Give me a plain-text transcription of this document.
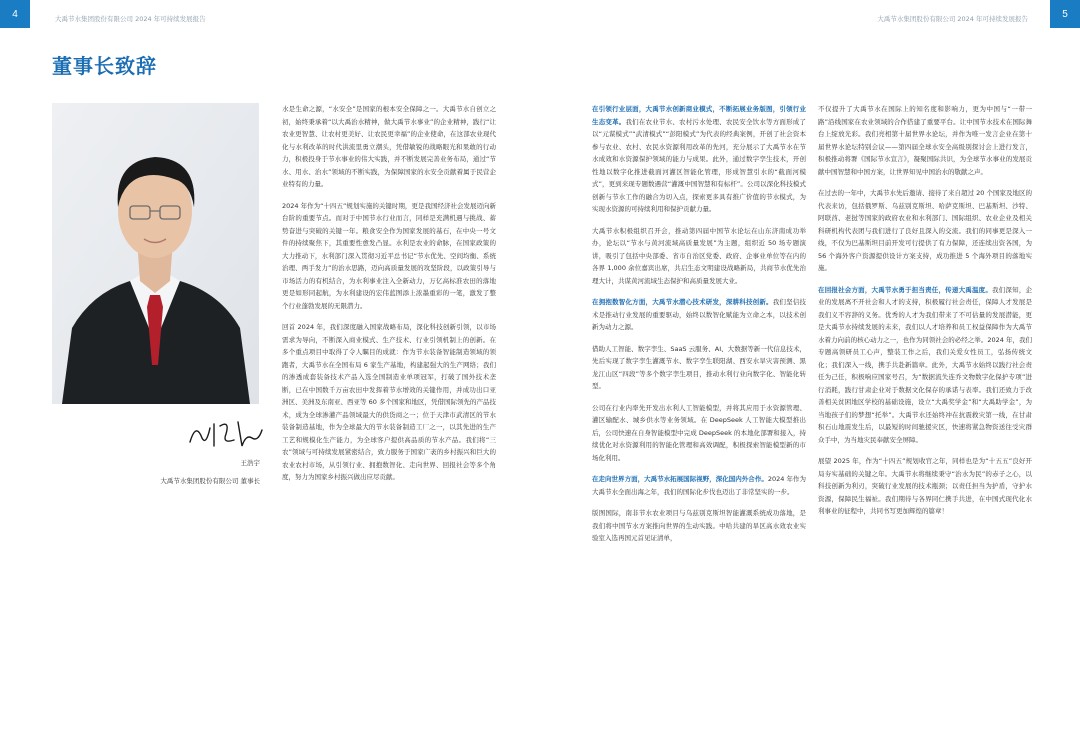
4	大禹节水集团股份有限公司 2024 年可持续发展报告	大禹节水集团股份有限公司 2024 年可持续发展报告	5
董事长致辞
王浩宇
大禹节水集团股份有限公司 董事长

水是生命之源，“水安全”是国家的根本安全保障之一。大禹节水自创立之初，始终秉承着“以大禹治水精神，做大禹节水事业”的企业精神，践行“让农业更智慧、让农村更美好、让农民更幸福”的企业使命，在这部农业现代化与水利改革的时代洪流里勇立潮头，凭借敏锐的战略眼光和果敢的行动力，积极投身于节水事业的伟大实践，并不断发展完善业务布局，通过“节水、用水、治水”领域的不断实践，为保障国家的水安全贡献着属于民营企业特有的力量。

2024 年作为“十四五”规划实施的关键时期，更是我国经济社会发展迈向新台阶的重要节点。而对于中国节水行业而言，同样是充满机遇与挑战、蓄势奋进与突破的关键一年。粮食安全作为国家发展的基石，在中央一号文件的持续聚焦下，其重要性愈发凸显。水利是农业的命脉，在国家政策的大力推动下，水利部门深入贯彻习近平总书记“节水优先、空间均衡、系统治理、两手发力”的治水思路，迈向高质量发展的攻坚阶段，以政策引导与市场活力的有机结合，为水利事业注入全新动力，万亿高标准农田的落地更是如形同起航，为水利建设的宏伟蓝图添上浓墨重彩的一笔，激发了整个行业蓬勃发展的无限潜力。

回首 2024 年，我们深度融入国家战略布局，深化科技创新引领，以市场需求为导向，不断深入商业模式、生产技术、行业引领机制上的创新。在多个重点项目中取得了令人瞩目的成就：作为节水装备智能制造领域的领跑者，大禹节水在全国布局 6 家生产基地，构建起强大的生产网络；我们的渗透成套装备技术产品入选全国制造业单项冠军，打破了国外技术垄断，已在中国数千万亩农田中发挥着节水增效的关键作用，并成功出口亚洲区、美洲及东南亚、西亚等 60 多个国家和地区，凭借国际领先的产品技术，成为全球渗灌产品领域最大的供货商之一；位于天津市武清区的节水装备制造基地，作为全球最大的节水装备制造工厂之一，以其先进的生产工艺和规模化生产能力，为全球客户提供高品质的节水产品。我们将“三农”领域与可持续发展紧密结合，致力服务于国家广袤的乡村振兴和巨大的农业农村市场，从引领行业、拥抱数智化、走向世界、回报社会等多个角度，努力为国家乡村振兴做出应尽贡献。

在引领行业层面，大禹节水创新商业模式，不断拓展业务版图，引领行业生态变革。我们在农业节水、农村污水处理、农民安全饮水等方面形成了以“元谋模式”“武清模式”“彭阳模式”为代表的经典案例，开创了社会资本参与农业、农村、农民水资源利用改革的先河，充分展示了大禹节水在节水成效和水资源保护领域的能力与成果。此外，通过数字孪生技术，开创性地以数字化推进截面河灌区智能化管理，形成智慧引水的“截面河模式”，更到来现专题数遇营“灌溉中国智慧和有标杆”。公司以深化科技模式创新与节水工作的融合为切入点，探索更多具有推广价值的节水模式，为实现水资源的可持续利用和保护贡献力量。

大禹节水积极组织召开会，推动第四届中国节水论坛在山东济南成功举办，论坛以“节水与黄河流域高质量发展”为主题，组织近 50 场专题演讲，吸引了包括中央部委、省市自治区党委、政府、企事业单位等在内的各界 1,000 余位嘉宾出席，共启生态文明建设战略新局，共商节水优先治理大计，共谋黄河流域生态保护和高质量发展大业。

在拥抱数智化方面，大禹节水潜心技术研发，深耕科技创新。我们坚信技术是推动行业发展的重要驱动，始终以数智化赋能为立命之本，以技术创新为动力之源。

借助人工智能、数字孪生、SaaS 云服务、AI、大数据等新一代信息技术，先后实现了数字孪生灌溉节水、数字孪生联阳湖、西安水旱灾害预测、黑龙江山区“四段”等多个数字孪生项目，推动水利行业向数字化、智能化转型。

公司在行业内率先开发出水利人工智能模型，并将其应用于水资源管理、灌区输配水、城乡供水等业务领域。在 DeepSeek 人工智能大模型推出后，公司快速在自身智能模型中完成 DeepSeek 的本地化部署和接入，持续优化对水资源利用的智能化管理和高效调配，积极探索智能模型新的市场化利用。

在走向世界方面，大禹节水拓展国际视野，深化国内外合作。2024 年作为大禹节水全面出海之年，我们的国际化步伐也迈出了非常坚实的一步。

版图国际，南非节水农业项目与乌兹别克斯坦智能灌溉系统成功落地，是我们将中国节水方案推向世界的生动实践。中哈共建的旱区高水效农业实验室入选再国元首见证清单，

不仅提升了大禹节水在国际上的知名度和影响力，更为中国与“一带一路”沿线国家在农业领域的合作搭建了重要平台。让中国节水技术在国际舞台上绽放光彩。我们亮相第十届世界水论坛，并作为唯一发言企业在第十届世界水论坛特别会议——第四届全球水安全高级别探讨会上进行发言，积极推动将署《国际节水宣言》，凝聚国际共识，为全球节水事业的发展贡献中国智慧和中国方案，让世界知见中国治水的敬献之声。

在过去的一年中，大禹节水先后邀请、接待了来自超过 20 个国家及地区的代表来访，包括俄罗斯、乌兹别克斯坦、哈萨克斯坦、巴基斯坦、沙特、阿联酋、老挝等国家的政府农业和水利部门、国际组织、农业企业及相关科研机构代表团与我们进行了良好且深入的交流。我们的同事更是深入一线，不仅为巴基斯坦目前开发可行提供了有力保障，还连续出资各国，为 56 个海外客户资源提供设计方案支持，成功推进 5 个海外项目的落地实施。

在回报社会方面，大禹节水勇于担当责任，传递大禹温度。我们深知，企业的发展离不开社会和人才的支持，积极履行社会责任，保障人才发展是我们义不容辞的义务。优秀的人才为我们带来了不可估量的发展潜能，更是大禹节水持续发展的未来，我们以人才培养和员工权益保障作为大禹节水着力向前的核心动力之一，也作为同领社会的必经之举。2024 年，我们专题高领研员工心声，整装工作之后，我们关爱女性员工，弘扬传统文化；我们深入一线，携手共赴新篇章。此外，大禹节水始终以践行社会责任为己任，积极响应国家号召，为“数据流失连乔文物数字化保护专项”进行消耗，践行甘肃企业对于数据文化保存的承诺与表率。我们还致力于改善相关贫困地区学校的基础设施，设立“大禹奖学金”和“大禹助学金”，为当地孩子们的梦想“托举”。大禹节水还始终冲在抗震救灾第一线，在甘肃积石山地震发生后，以最短的时间驰援灾区，快速将紧急物资送往受灾群众手中，为当地灾民奉献安全屏障。

展望 2025 年，作为“十四五”规划收官之年，同样也是为“十五五”良好开局夯实基础的关键之年。大禹节水将继续秉守“治水为民”的赤子之心，以科技创新为利刃，突破行业发展的技术瓶颈；以责任担当为护盾，守护水资源，保障民生福祉。我们期待与各界同仁携手共进，在中国式现代化水利事业的征程中，共同书写更加辉煌的篇章！
